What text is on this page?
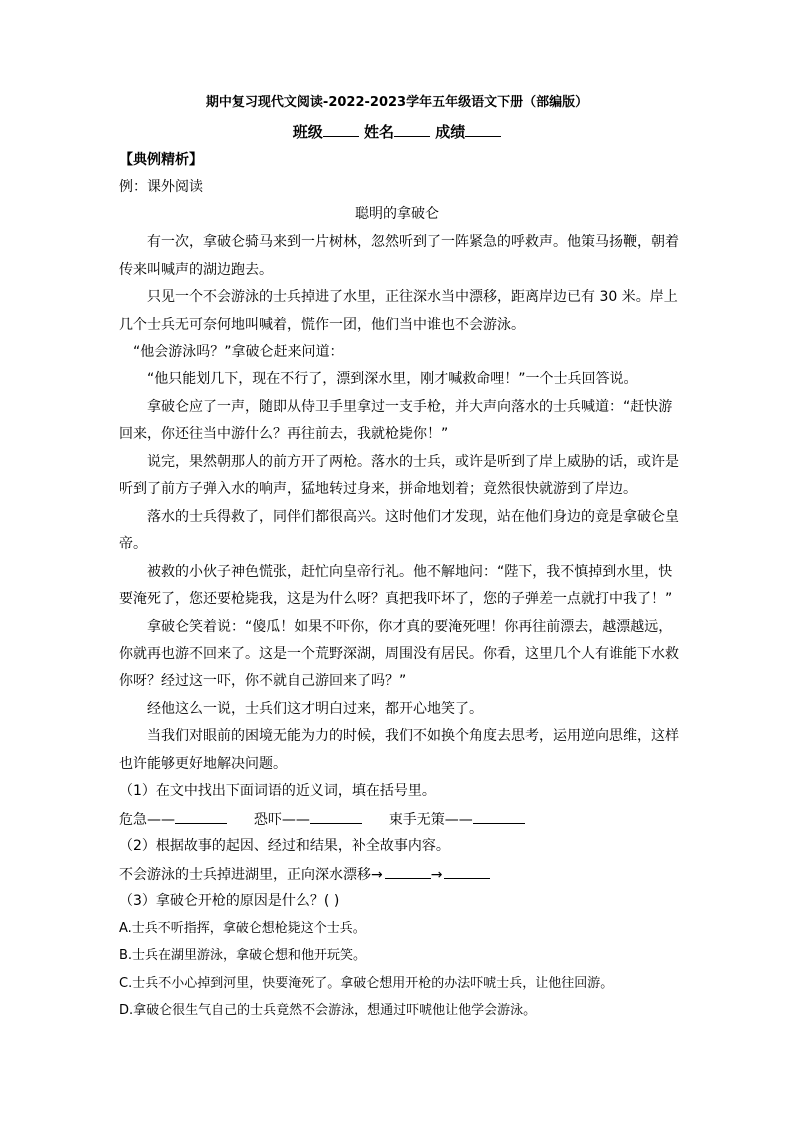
期中复习现代文阅读-2022-2023学年五年级语文下册（部编版）
班级	姓名	成绩
【典例精析】
例：课外阅读
聪明的拿破仑
　　有一次，拿破仑骑马来到一片树林，忽然听到了一阵紧急的呼救声。他策马扬鞭，朝着
传来叫喊声的湖边跑去。
　　只见一个不会游泳的士兵掉进了水里，正往深水当中漂移，距离岸边已有 30 米。岸上
几个士兵无可奈何地叫喊着，慌作一团，他们当中谁也不会游泳。
　“他会游泳吗？”拿破仑赶来问道：
　　“他只能划几下，现在不行了，漂到深水里，刚才喊救命哩！”一个士兵回答说。
　　拿破仑应了一声，随即从侍卫手里拿过一支手枪，并大声向落水的士兵喊道：“赶快游
回来，你还往当中游什么？再往前去，我就枪毙你！”
　　说完，果然朝那人的前方开了两枪。落水的士兵，或许是听到了岸上威胁的话，或许是
听到了前方子弹入水的响声，猛地转过身来，拼命地划着；竟然很快就游到了岸边。
　　落水的士兵得救了，同伴们都很高兴。这时他们才发现，站在他们身边的竟是拿破仑皇
帝。
　　被救的小伙子神色慌张，赶忙向皇帝行礼。他不解地问：“陛下，我不慎掉到水里，快
要淹死了，您还要枪毙我，这是为什么呀？真把我吓坏了，您的子弹差一点就打中我了！”
　　拿破仑笑着说：“傻瓜！如果不吓你，你才真的要淹死哩！你再往前漂去，越漂越远，
你就再也游不回来了。这是一个荒野深湖，周围没有居民。你看，这里几个人有谁能下水救
你呀？经过这一吓，你不就自己游回来了吗？”
　　经他这么一说，士兵们这才明白过来，都开心地笑了。
　　当我们对眼前的困境无能为力的时候，我们不如换个角度去思考，运用逆向思维，这样
也许能够更好地解决问题。
（1）在文中找出下面词语的近义词，填在括号里。
危急——	恐吓——	束手无策——
（2）根据故事的起因、经过和结果，补全故事内容。
不会游泳的士兵掉进湖里，正向深水漂移→	→
（3）拿破仑开枪的原因是什么？( )
A.士兵不听指挥，拿破仑想枪毙这个士兵。
B.士兵在湖里游泳，拿破仑想和他开玩笑。
C.士兵不小心掉到河里，快要淹死了。拿破仑想用开枪的办法吓唬士兵，让他往回游。
D.拿破仑很生气自己的士兵竟然不会游泳，想通过吓唬他让他学会游泳。
